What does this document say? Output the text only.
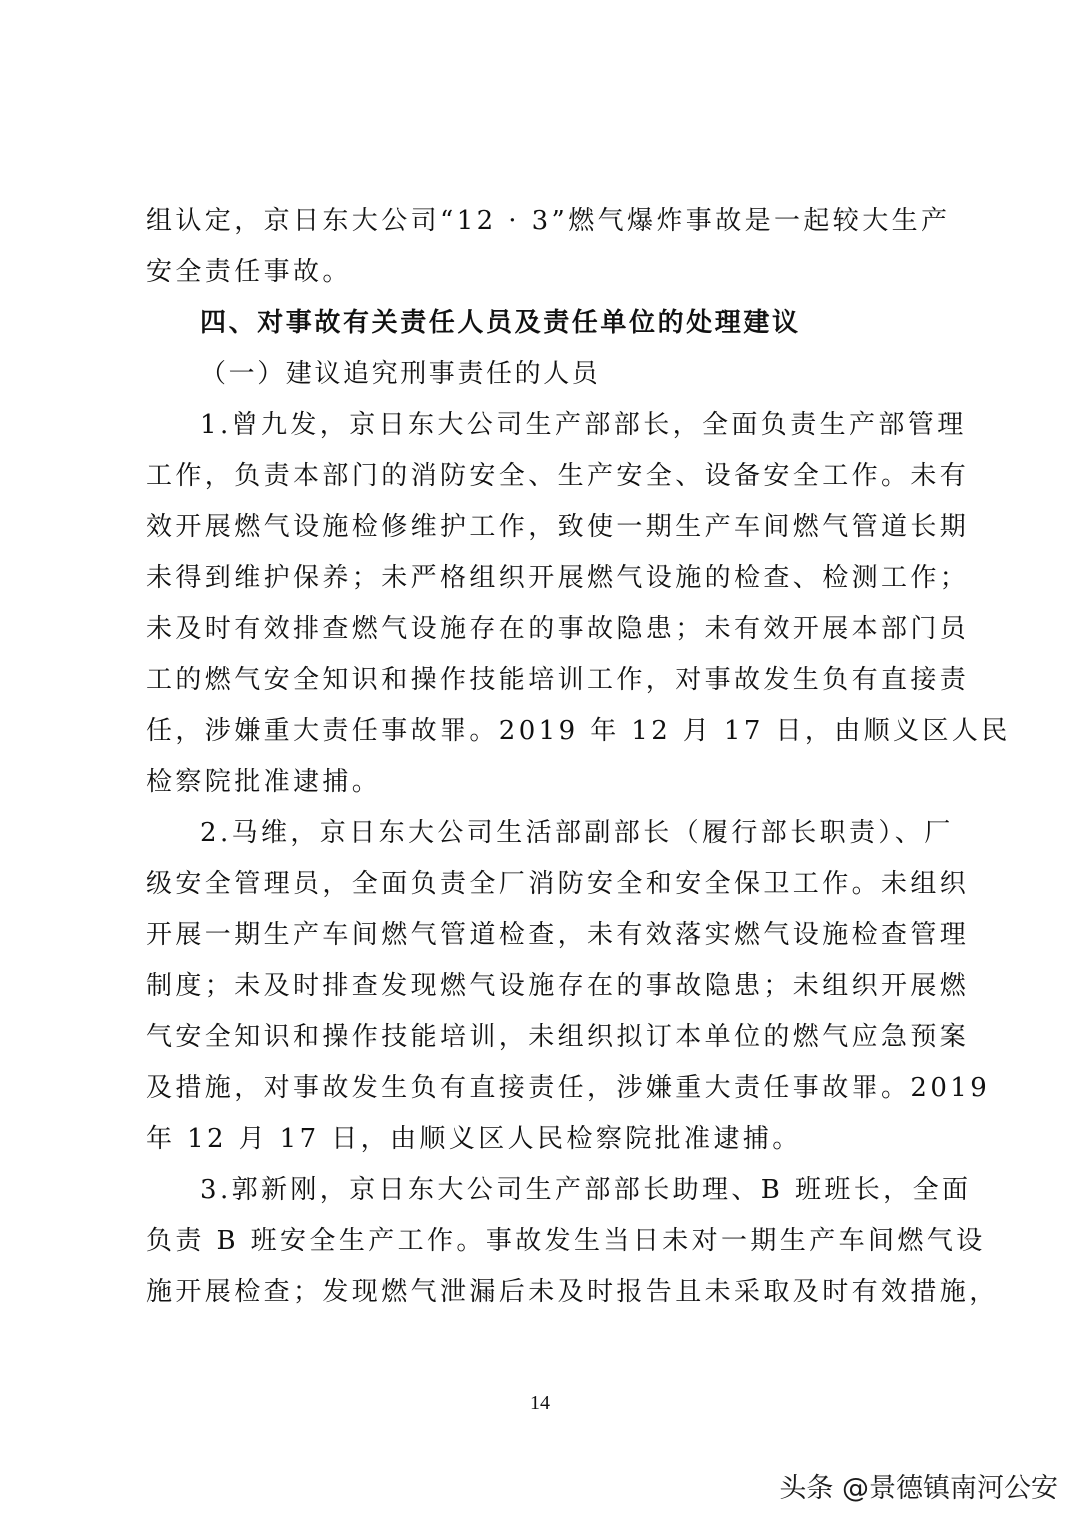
组认定，京日东大公司“12 · 3”燃气爆炸事故是一起较大生产
安全责任事故。
四、对事故有关责任人员及责任单位的处理建议
（一）建议追究刑事责任的人员
1.曾九发，京日东大公司生产部部长，全面负责生产部管理
工作，负责本部门的消防安全、生产安全、设备安全工作。未有
效开展燃气设施检修维护工作，致使一期生产车间燃气管道长期
未得到维护保养；未严格组织开展燃气设施的检查、检测工作；
未及时有效排查燃气设施存在的事故隐患；未有效开展本部门员
工的燃气安全知识和操作技能培训工作，对事故发生负有直接责
任，涉嫌重大责任事故罪。2019 年 12 月 17 日，由顺义区人民
检察院批准逮捕。
2.马维，京日东大公司生活部副部长（履行部长职责）、厂
级安全管理员，全面负责全厂消防安全和安全保卫工作。未组织
开展一期生产车间燃气管道检查，未有效落实燃气设施检查管理
制度；未及时排查发现燃气设施存在的事故隐患；未组织开展燃
气安全知识和操作技能培训，未组织拟订本单位的燃气应急预案
及措施，对事故发生负有直接责任，涉嫌重大责任事故罪。2019
年 12 月 17 日，由顺义区人民检察院批准逮捕。
3.郭新刚，京日东大公司生产部部长助理、B 班班长，全面
负责 B 班安全生产工作。事故发生当日未对一期生产车间燃气设
施开展检查；发现燃气泄漏后未及时报告且未采取及时有效措施，
14
头条 @景德镇南河公安
